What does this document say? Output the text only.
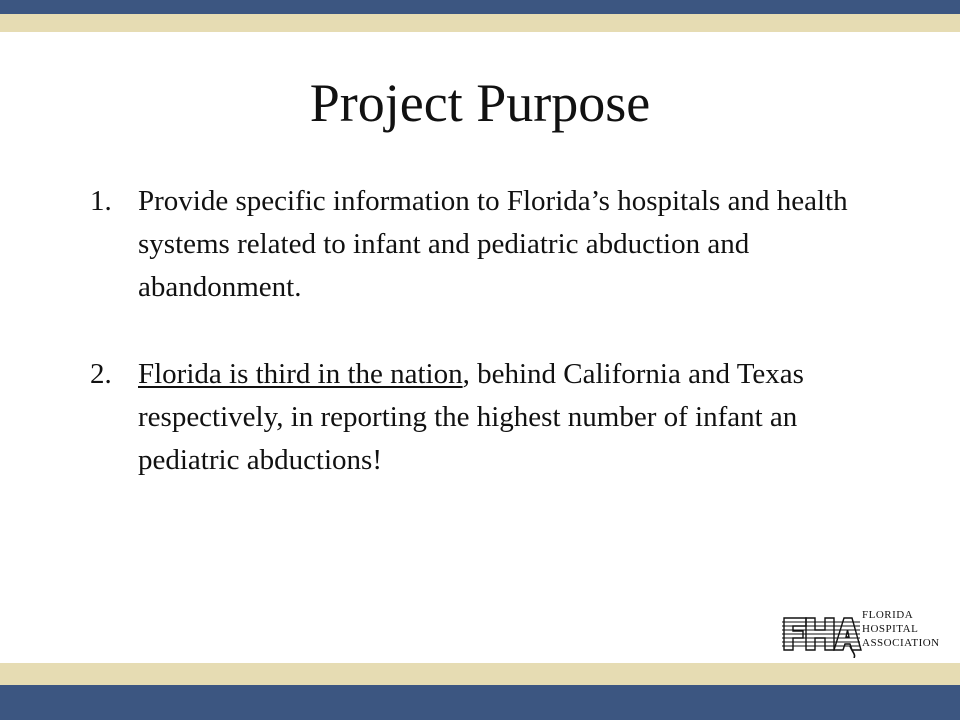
Project Purpose
1. Provide specific information to Florida’s hospitals and health systems related to infant and pediatric abduction and abandonment.
2. Florida is third in the nation, behind California and Texas respectively, in reporting the highest number of infant an pediatric abductions!
FLORIDA
HOSPITAL
ASSOCIATION
